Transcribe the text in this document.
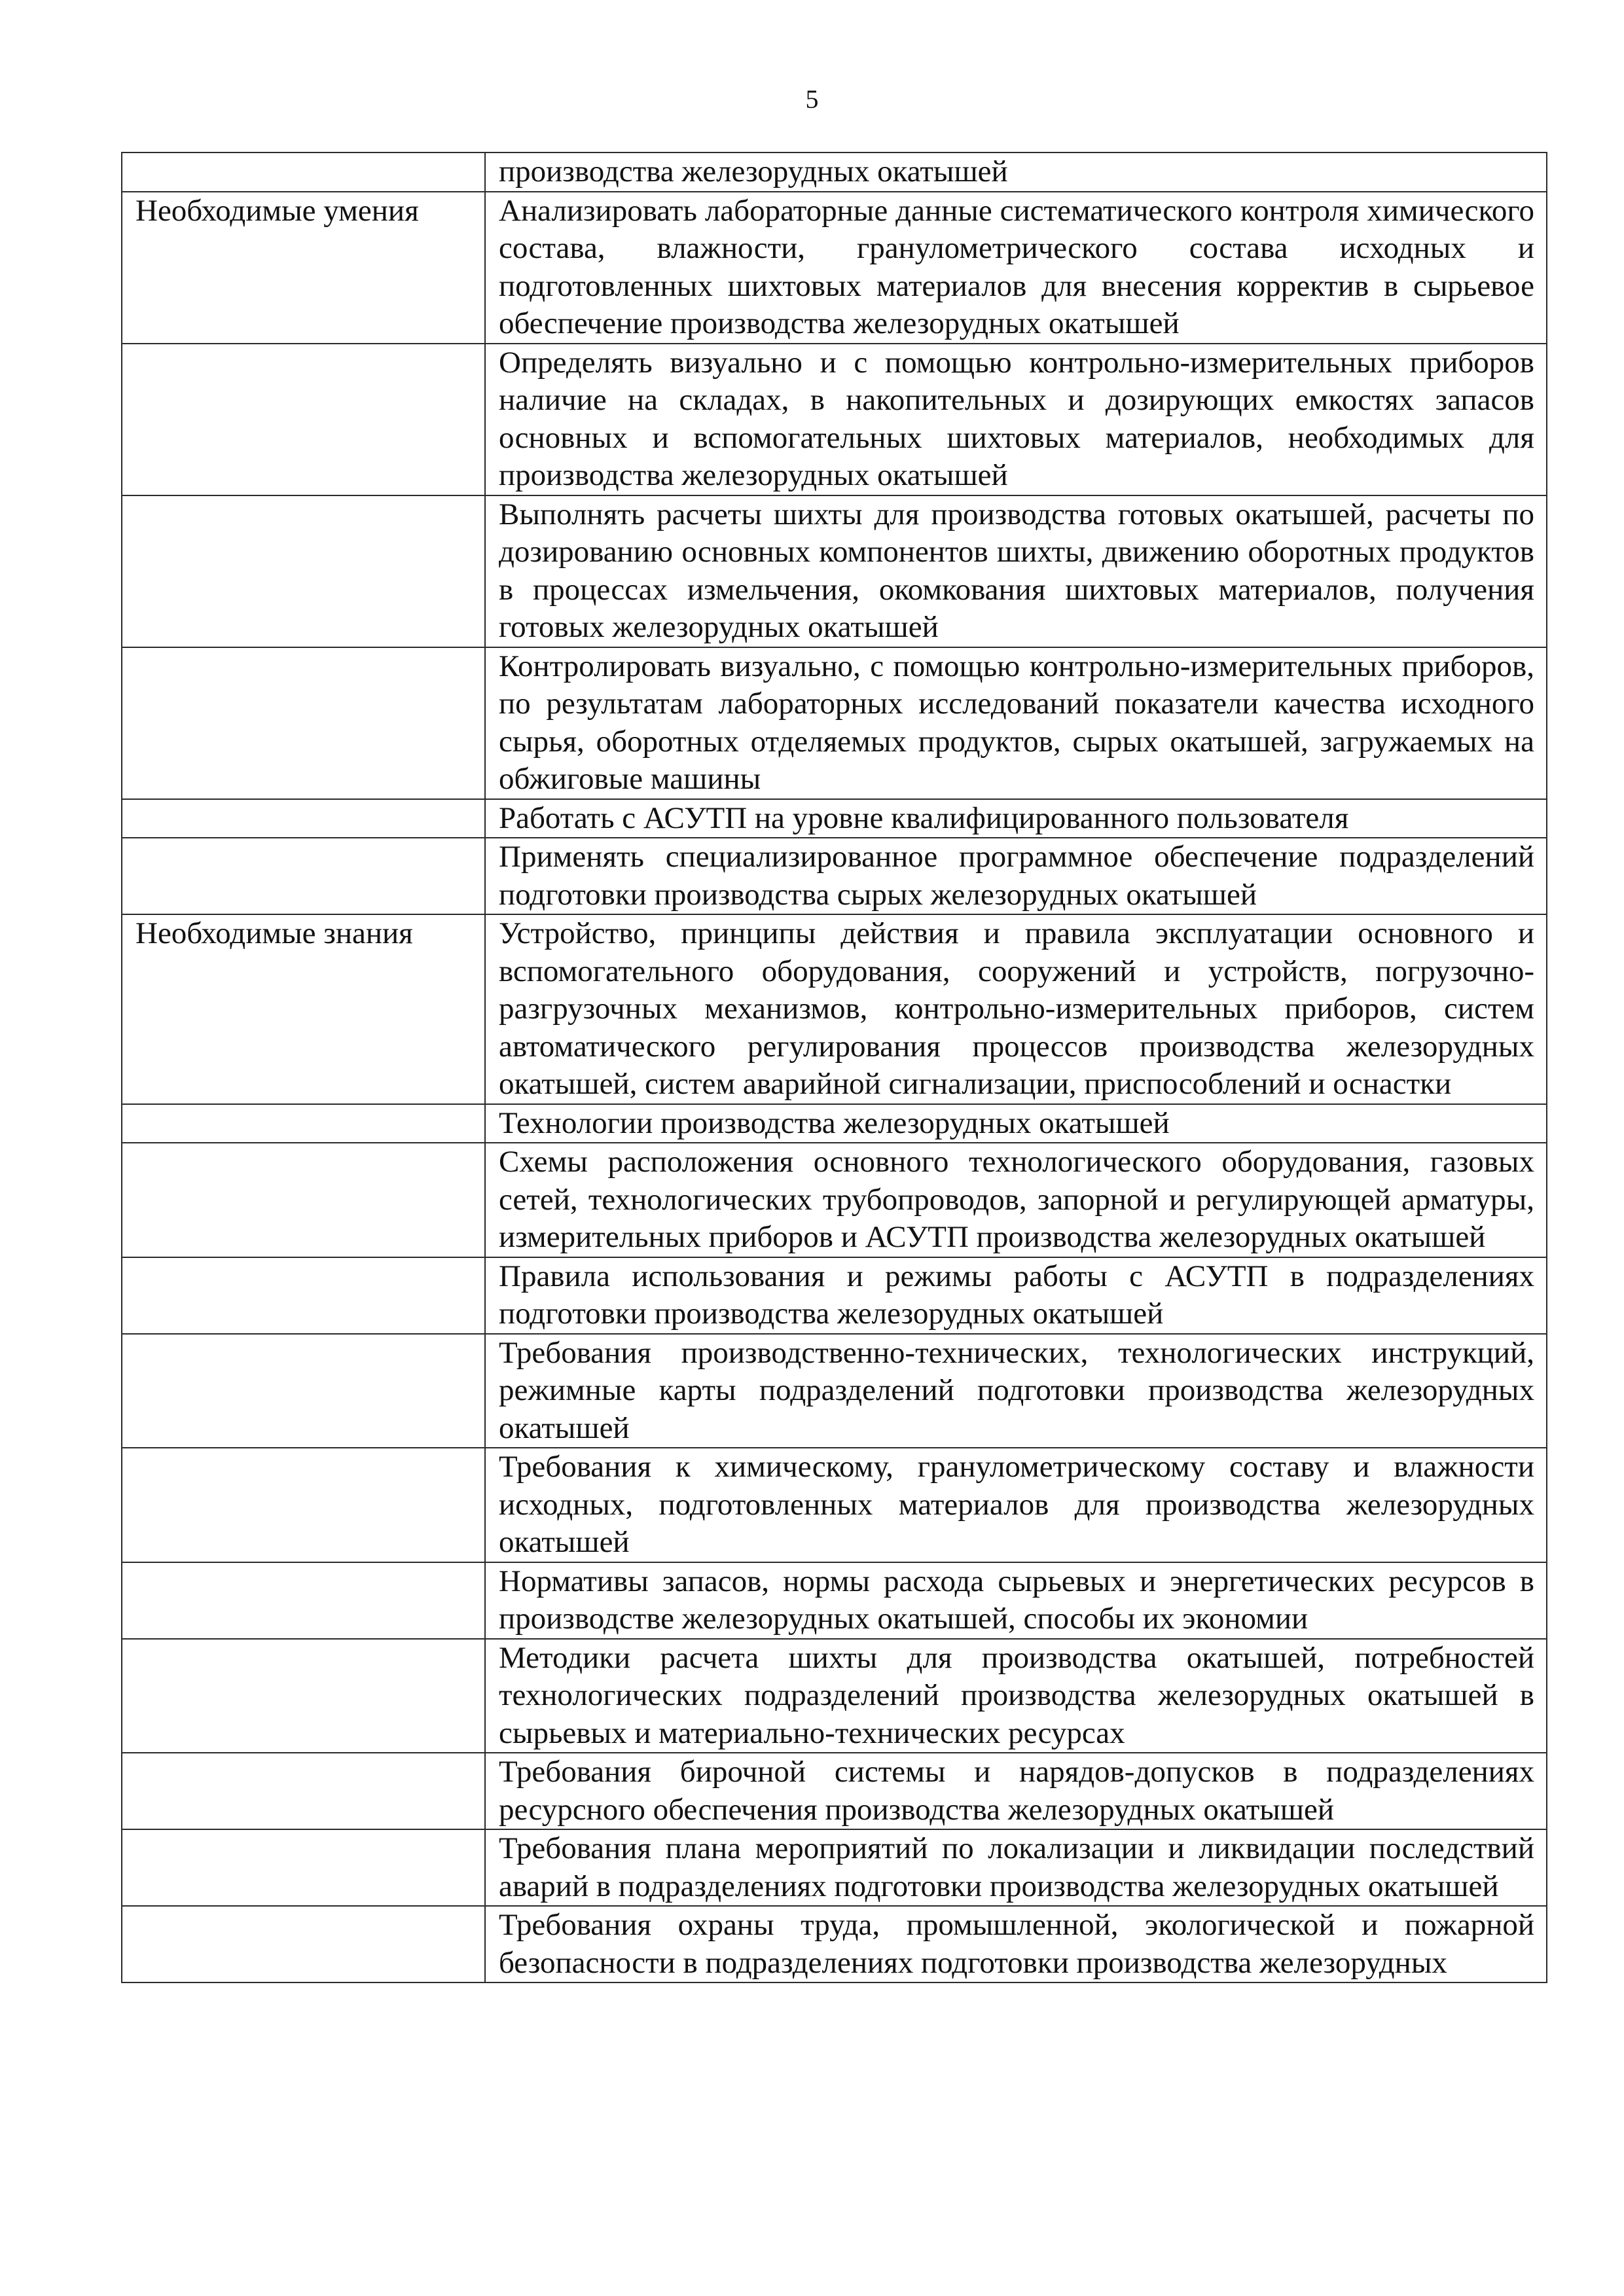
5
	производства железорудных окатышей
Необходимые умения	Анализировать лабораторные данные систематического контроля химического состава, влажности, гранулометрического состава исходных и подготовленных шихтовых материалов для внесения корректив в сырьевое обеспечение производства железорудных окатышей
	Определять визуально и с помощью контрольно-измерительных приборов наличие на складах, в накопительных и дозирующих емкостях запасов основных и вспомогательных шихтовых материалов, необходимых для производства железорудных окатышей
	Выполнять расчеты шихты для производства готовых окатышей, расчеты по дозированию основных компонентов шихты, движению оборотных продуктов в процессах измельчения, окомкования шихтовых материалов, получения готовых железорудных окатышей
	Контролировать визуально, с помощью контрольно-измерительных приборов, по результатам лабораторных исследований показатели качества исходного сырья, оборотных отделяемых продуктов, сырых окатышей, загружаемых на обжиговые машины
	Работать с АСУТП на уровне квалифицированного пользователя
	Применять специализированное программное обеспечение подразделений подготовки производства сырых железорудных окатышей
Необходимые знания	Устройство, принципы действия и правила эксплуатации основного и вспомогательного оборудования, сооружений и устройств, погрузочно-разгрузочных механизмов, контрольно-измерительных приборов, систем автоматического регулирования процессов производства железорудных окатышей, систем аварийной сигнализации, приспособлений и оснастки
	Технологии производства железорудных окатышей
	Схемы расположения основного технологического оборудования, газовых сетей, технологических трубопроводов, запорной и регулирующей арматуры, измерительных приборов и АСУТП производства железорудных окатышей
	Правила использования и режимы работы с АСУТП в подразделениях подготовки производства железорудных окатышей
	Требования производственно-технических, технологических инструкций, режимные карты подразделений подготовки производства железорудных окатышей
	Требования к химическому, гранулометрическому составу и влажности исходных, подготовленных материалов для производства железорудных окатышей
	Нормативы запасов, нормы расхода сырьевых и энергетических ресурсов в производстве железорудных окатышей, способы их экономии
	Методики расчета шихты для производства окатышей, потребностей технологических подразделений производства железорудных окатышей в сырьевых и материально-технических ресурсах
	Требования бирочной системы и нарядов-допусков в подразделениях ресурсного обеспечения производства железорудных окатышей
	Требования плана мероприятий по локализации и ликвидации последствий аварий в подразделениях подготовки производства железорудных окатышей
	Требования охраны труда, промышленной, экологической и пожарной безопасности в подразделениях подготовки производства железорудных
